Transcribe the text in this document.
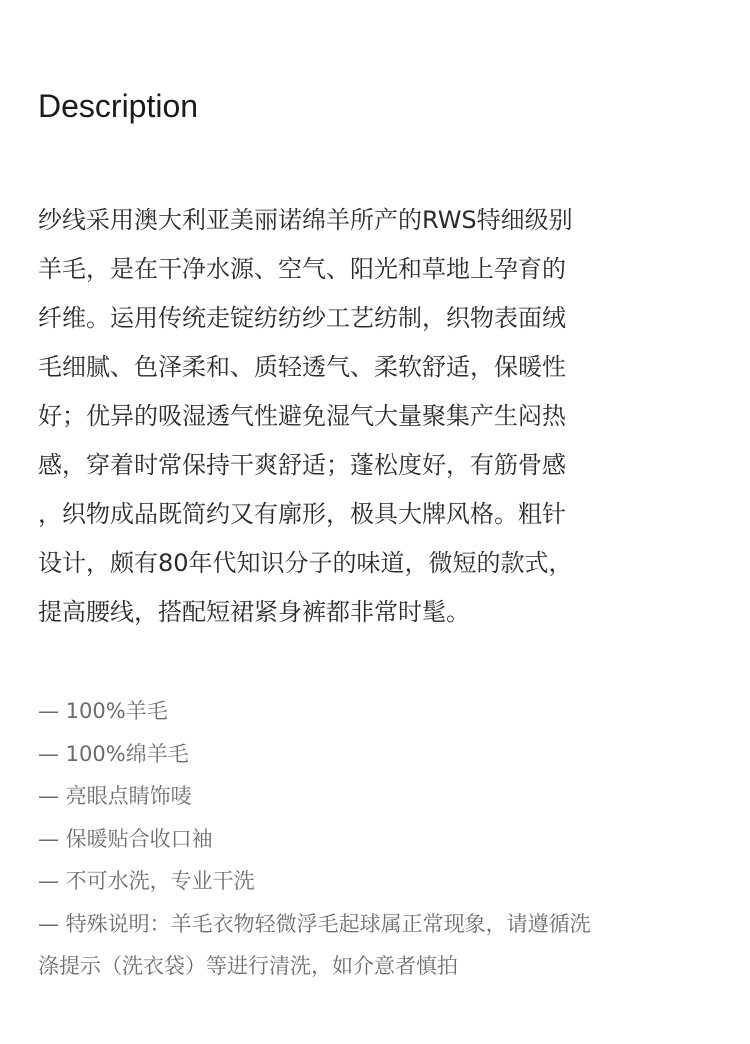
Description
纱线采用澳大利亚美丽诺绵羊所产的RWS特细级别
羊毛，是在干净水源、空气、阳光和草地上孕育的
纤维。运用传统走锭纺纺纱工艺纺制，织物表面绒
毛细腻、色泽柔和、质轻透气、柔软舒适，保暖性
好；优异的吸湿透气性避免湿气大量聚集产生闷热
感，穿着时常保持干爽舒适；蓬松度好，有筋骨感
，织物成品既简约又有廓形，极具大牌风格。粗针
设计，颇有80年代知识分子的味道，微短的款式，
提高腰线，搭配短裙紧身裤都非常时髦。
— 100%羊毛
— 100%绵羊毛
— 亮眼点睛饰唛
— 保暖贴合收口袖
— 不可水洗，专业干洗
— 特殊说明：羊毛衣物轻微浮毛起球属正常现象，请遵循洗
涤提示（洗衣袋）等进行清洗，如介意者慎拍
